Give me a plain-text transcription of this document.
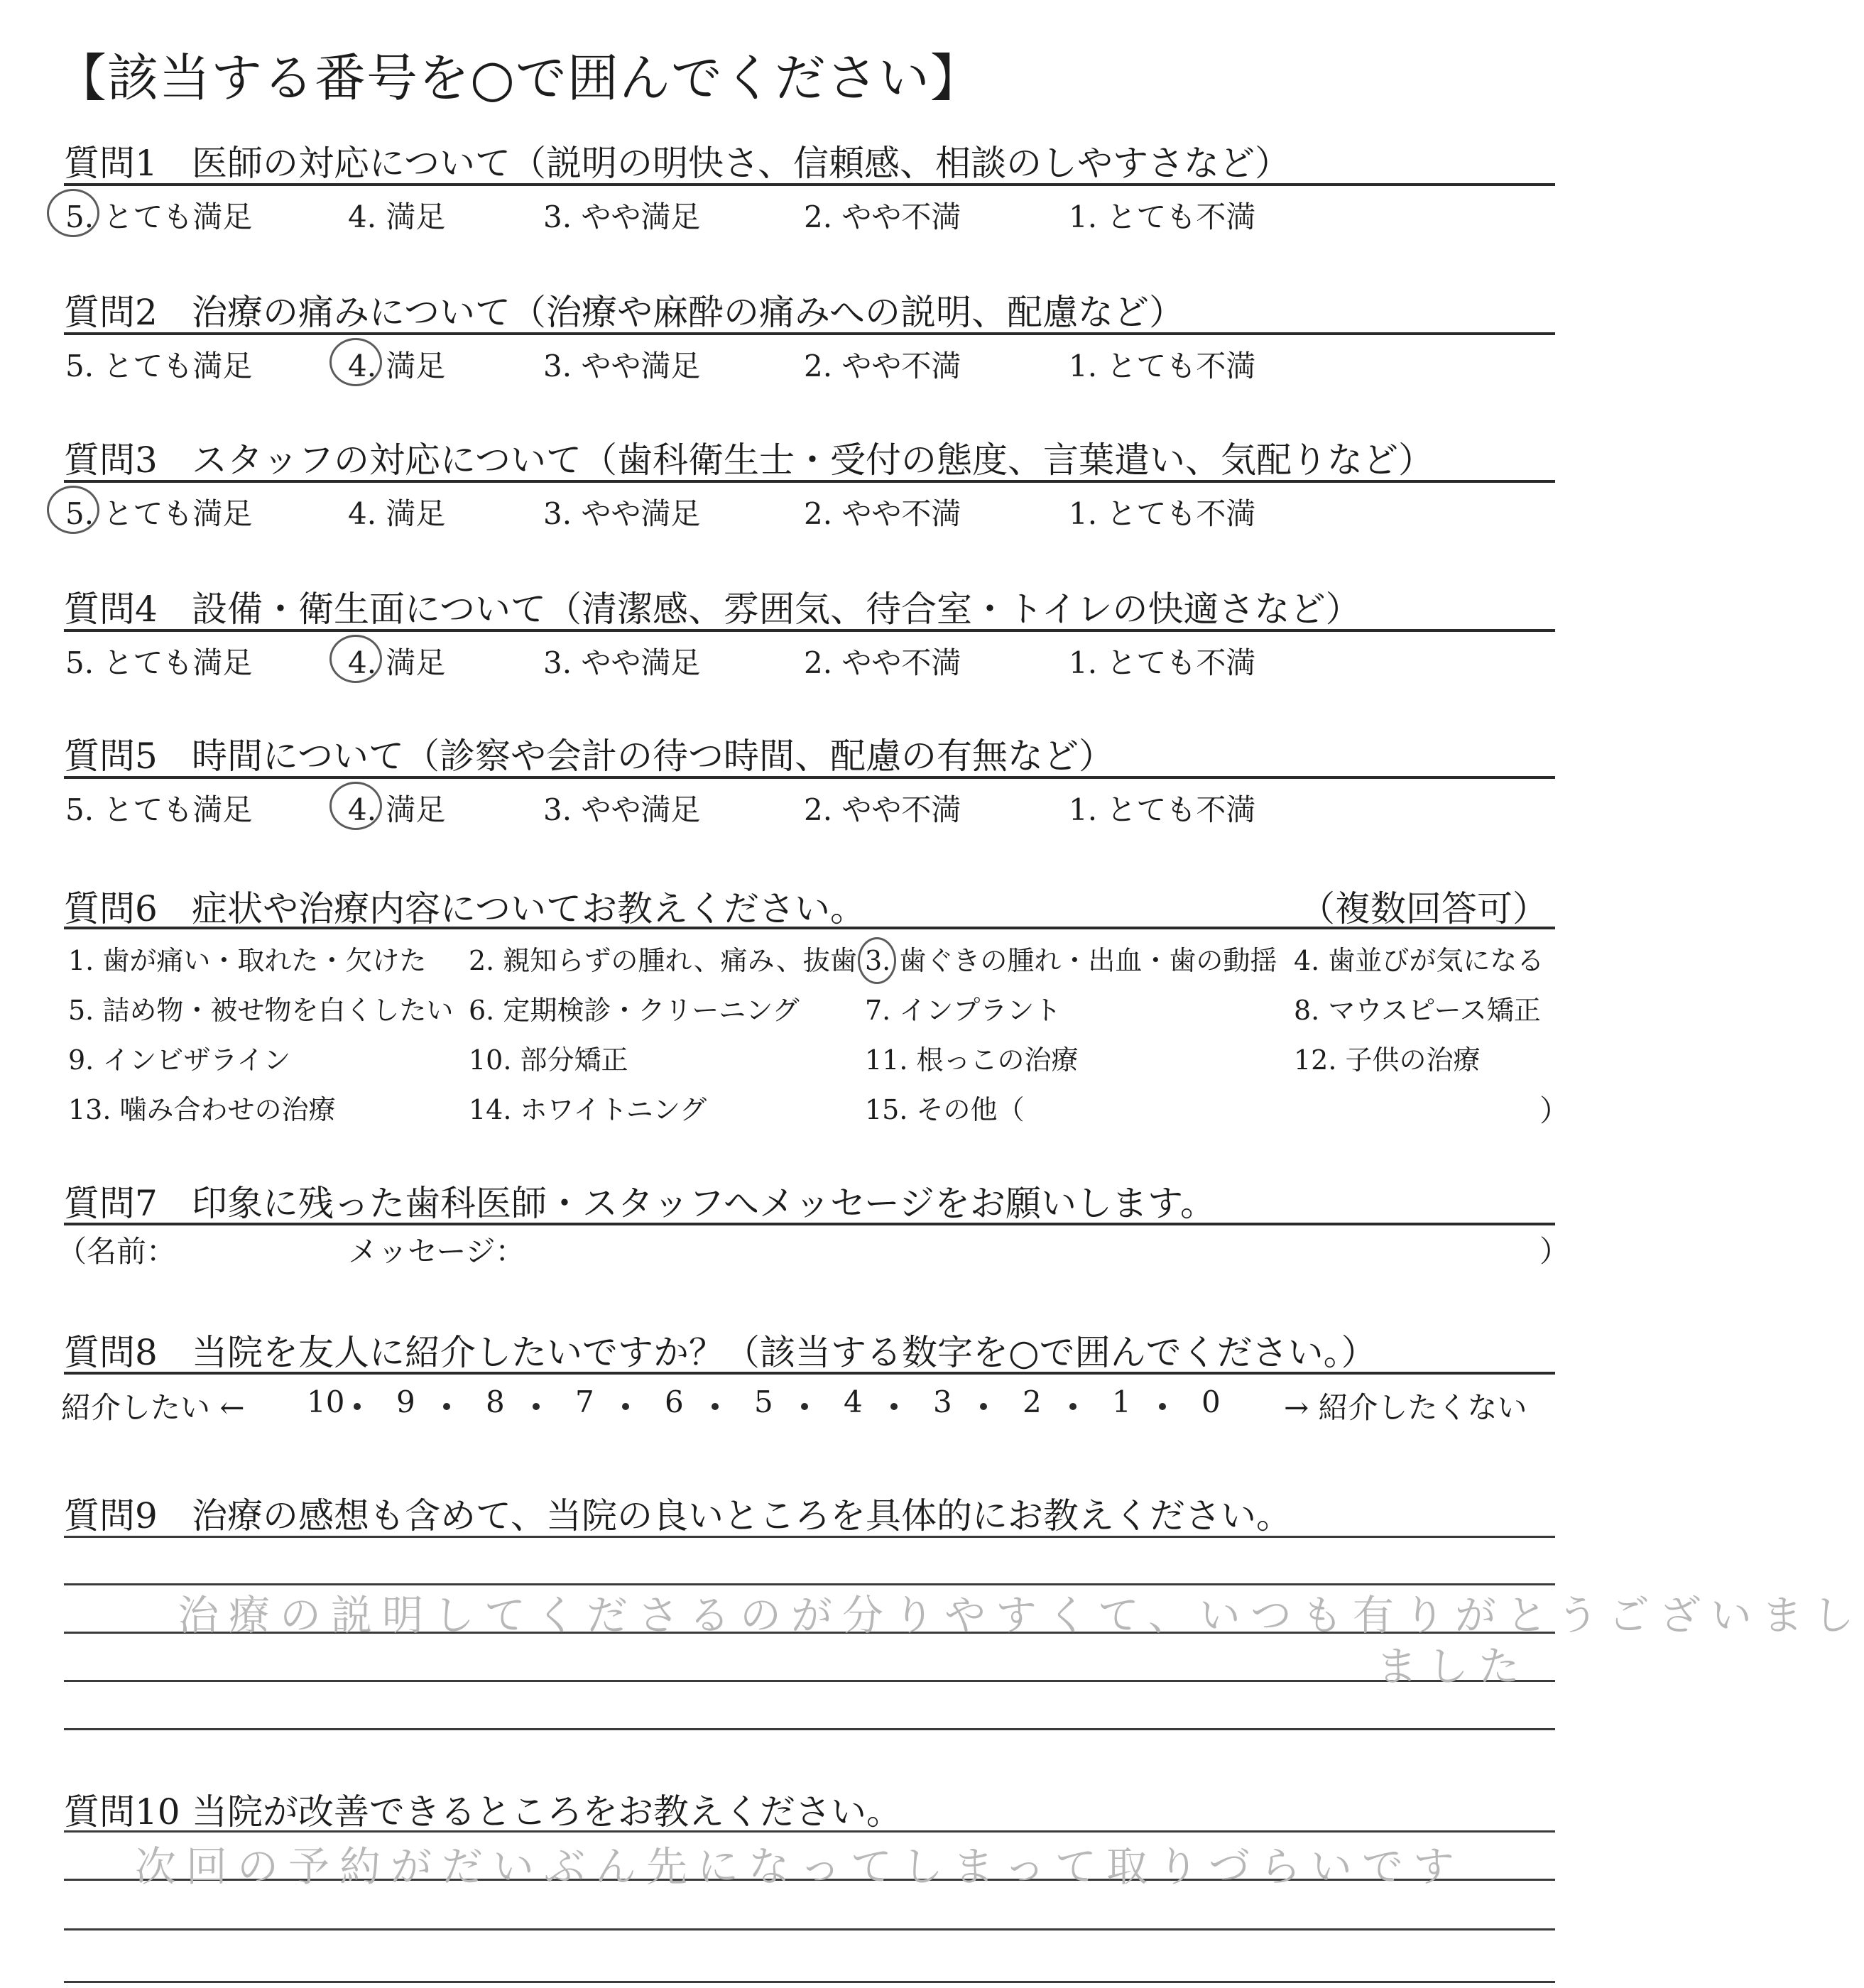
【該当する番号を○で囲んでください】
質問1 医師の対応について（説明の明快さ、信頼感、相談のしやすさなど）
5. とても満足	4. 満足	3. やや満足	2. やや不満	1. とても不満
質問2 治療の痛みについて（治療や麻酔の痛みへの説明、配慮など）
5. とても満足	4. 満足	3. やや満足	2. やや不満	1. とても不満
質問3 スタッフの対応について（歯科衛生士・受付の態度、言葉遣い、気配りなど）
5. とても満足	4. 満足	3. やや満足	2. やや不満	1. とても不満
質問4 設備・衛生面について（清潔感、雰囲気、待合室・トイレの快適さなど）
5. とても満足	4. 満足	3. やや満足	2. やや不満	1. とても不満
質問5 時間について（診察や会計の待つ時間、配慮の有無など）
5. とても満足	4. 満足	3. やや満足	2. やや不満	1. とても不満
質問6 症状や治療内容についてお教えください。	（複数回答可）
1. 歯が痛い・取れた・欠けた 2. 親知らずの腫れ、痛み、抜歯 3. 歯ぐきの腫れ・出血・歯の動揺 4. 歯並びが気になる
5. 詰め物・被せ物を白くしたい 6. 定期検診・クリーニング 7. インプラント	8. マウスピース矯正
9. インビザライン	10. 部分矯正	11. 根っこの治療	12. 子供の治療
13. 噛み合わせの治療	14. ホワイトニング	15. その他（	）
質問7 印象に残った歯科医師・スタッフへメッセージをお願いします。
（名前：	メッセージ：	）
質問8 当院を友人に紹介したいですか？（該当する数字を○で囲んでください。）
紹介したい ← 10 9 8 7 6 5 4 3 2 1 0 → 紹介したくない
質問9 治療の感想も含めて、当院の良いところを具体的にお教えください。
治療の説明してくださるのが分りやすくて、いつも有りがとうございまし
ました
質問10 当院が改善できるところをお教えください。
次回の予約がだいぶん先になってしまって取りづらいです
